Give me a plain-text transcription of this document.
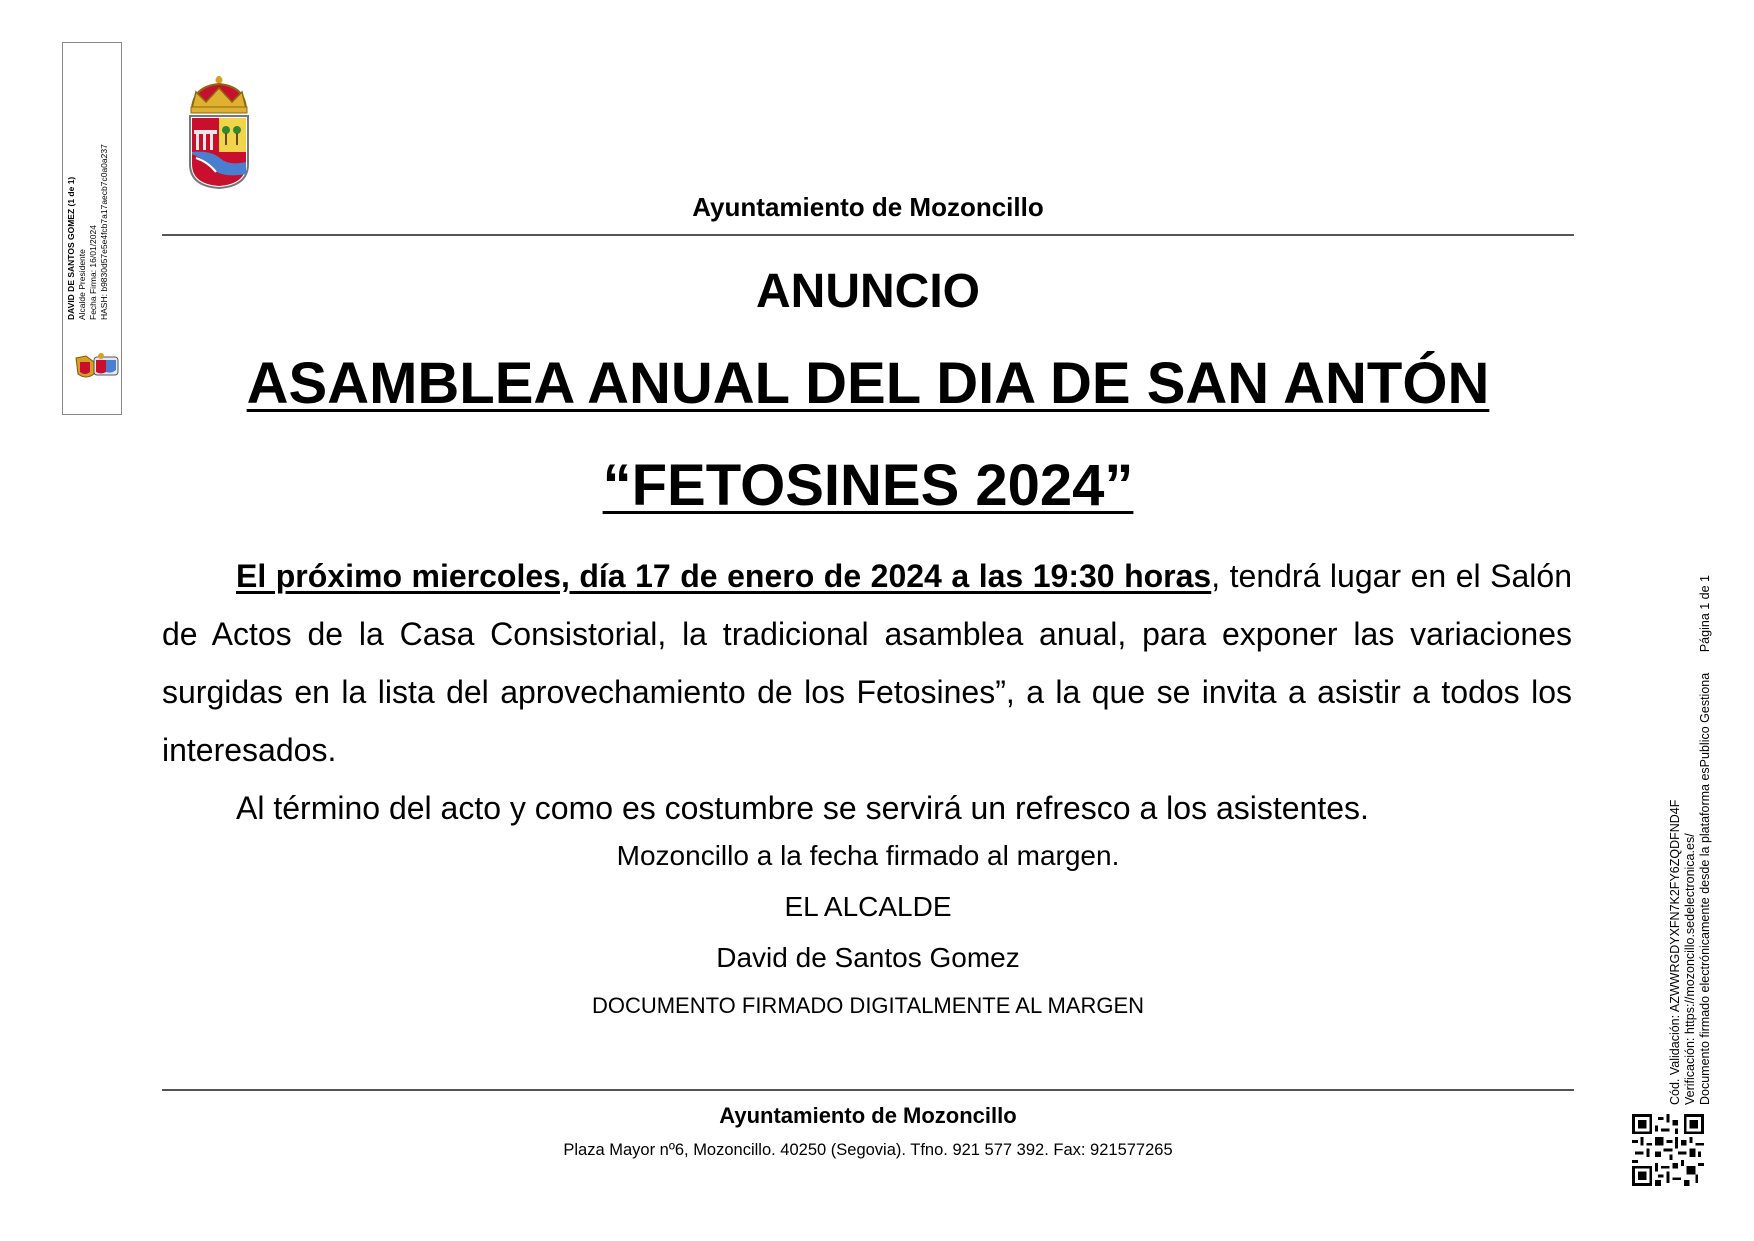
DAVID DE SANTOS GOMEZ (1 de 1) Alcalde Presidente Fecha Firma: 16/01/2024 HASH: b9830d57e5e4fcb7a17aecb7c0a0a237	Ayuntamiento de Mozoncillo
ANUNCIO
ASAMBLEA ANUAL DEL DIA DE SAN ANTÓN
“FETOSINES 2024”

El próximo miercoles, día 17 de enero de 2024 a las 19:30 horas, tendrá lugar en el Salón de Actos de la Casa Consistorial, la tradicional asamblea anual, para exponer las variaciones surgidas en la lista del aprovechamiento de los Fetosines”, a la que se invita a asistir a todos los interesados.

Al término del acto y como es costumbre se servirá un refresco a los asistentes.

Mozoncillo a la fecha firmado al margen.
EL ALCALDE
David de Santos Gomez
DOCUMENTO FIRMADO DIGITALMENTE AL MARGEN
Ayuntamiento de Mozoncillo
Plaza Mayor nº6, Mozoncillo. 40250 (Segovia). Tfno. 921 577 392. Fax: 921577265
Cód. Validación: AZWWRGDYXFN7K2FY6ZQDFND4F Verificación: https://mozoncillo.sedelectronica.es/ Documento firmado electrónicamente desde la plataforma esPublico Gestiona
Página 1 de 1
